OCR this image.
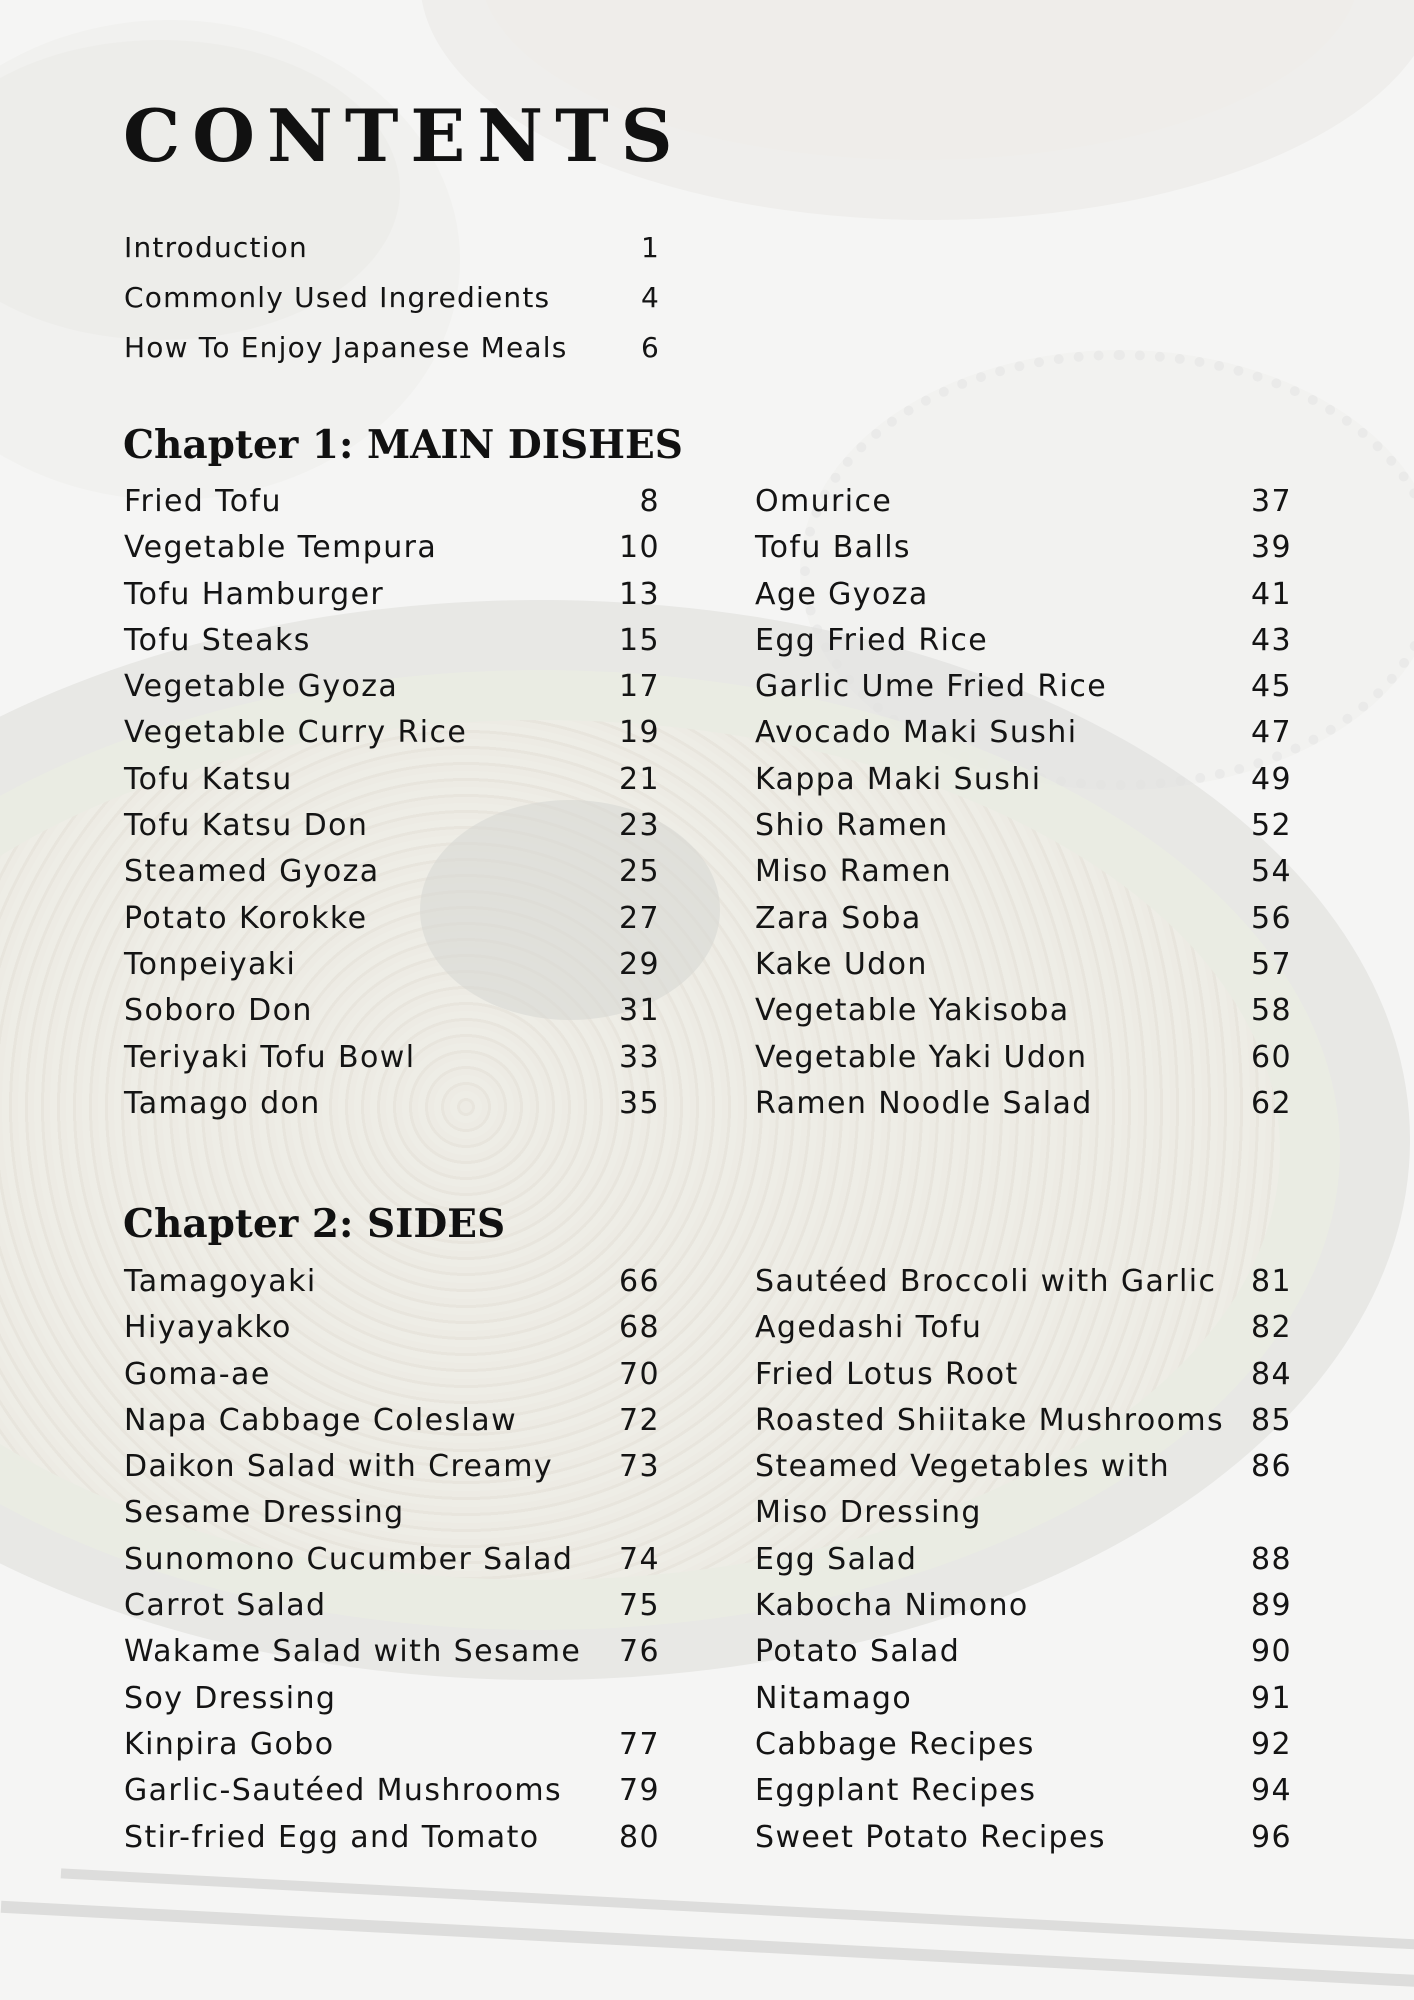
CONTENTS
Introduction	1
Commonly Used Ingredients	4
How To Enjoy Japanese Meals	6
Chapter 1: MAIN DISHES
Fried Tofu	8
Vegetable Tempura	10
Tofu Hamburger	13
Tofu Steaks	15
Vegetable Gyoza	17
Vegetable Curry Rice	19
Tofu Katsu	21
Tofu Katsu Don	23
Steamed Gyoza	25
Potato Korokke	27
Tonpeiyaki	29
Soboro Don	31
Teriyaki Tofu Bowl	33
Tamago don	35
Omurice	37
Tofu Balls	39
Age Gyoza	41
Egg Fried Rice	43
Garlic Ume Fried Rice	45
Avocado Maki Sushi	47
Kappa Maki Sushi	49
Shio Ramen	52
Miso Ramen	54
Zara Soba	56
Kake Udon	57
Vegetable Yakisoba	58
Vegetable Yaki Udon	60
Ramen Noodle Salad	62
Chapter 2: SIDES
Tamagoyaki	66
Hiyayakko	68
Goma-ae	70
Napa Cabbage Coleslaw	72
Daikon Salad with Creamy 73
Sesame Dressing
Sunomono Cucumber Salad 74
Carrot Salad	75
Wakame Salad with Sesame 76
Soy Dressing
Kinpira Gobo	77
Garlic-Sautéed Mushrooms 79
Stir-fried Egg and Tomato	80
Sautéed Broccoli with Garlic 81
Agedashi Tofu	82
Fried Lotus Root	84
Roasted Shiitake Mushrooms 85
Steamed Vegetables with	86
Miso Dressing
Egg Salad	88
Kabocha Nimono	89
Potato Salad	90
Nitamago	91
Cabbage Recipes	92
Eggplant Recipes	94
Sweet Potato Recipes	96
